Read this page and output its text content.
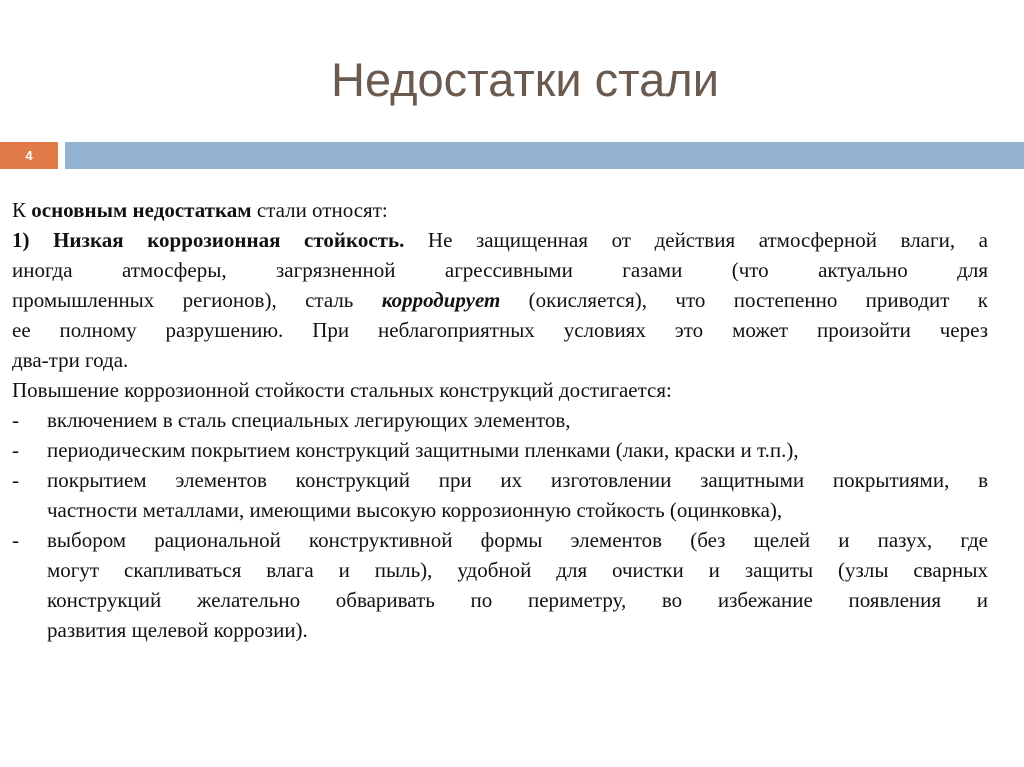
Недостатки стали
4
К основным недостаткам стали относят:
1) Низкая коррозионная стойкость. Не защищенная от действия атмосферной влаги, а
иногда атмосферы, загрязненной агрессивными газами (что актуально для
промышленных регионов), сталь корродирует (окисляется), что постепенно приводит к
ее полному разрушению. При неблагоприятных условиях это может произойти через
два-три года.
Повышение коррозионной стойкости стальных конструкций достигается:
-	включением в сталь специальных легирующих элементов,
-	периодическим покрытием конструкций защитными пленками (лаки, краски и т.п.),
-	покрытием элементов конструкций при их изготовлении защитными покрытиями, в
частности металлами, имеющими высокую коррозионную стойкость (оцинковка),
-	выбором рациональной конструктивной формы элементов (без щелей и пазух, где
могут скапливаться влага и пыль), удобной для очистки и защиты (узлы сварных
конструкций желательно обваривать по периметру, во избежание появления и
развития щелевой коррозии).
